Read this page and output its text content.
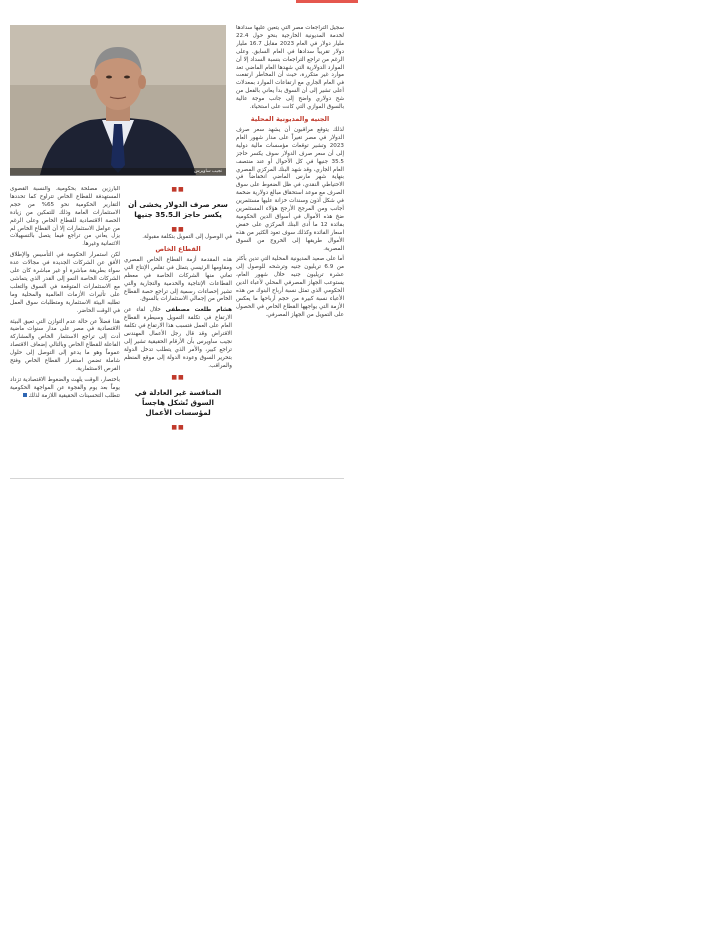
نجيب ساويرس

سجيل التراجعات مصر التي يتعين عليها سدادها لخدمة المديونية الخارجية بنحو حول 22.4 مليار دولار في العام 2023 مقابل 16.7 مليار دولار تقريباً سدادها في العام السابق. وعلى الرغم من تراجع التراجعات بنسبة السداد إلا أن الموارد الدولارية التي شهدها العام الماضي تعد موارد غير متكررة، حيث أن المخاطر ارتفعت في العام الجاري مع ارتفاعات الموارد بمعدلات أعلى تشير إلى أن السوق بدأ يعاني بالفعل من شح دولاري واضح إلى جانب موجة عالية بالسوق الموازي التي كانت على استحياء.

الجنيه والمديونية المحلية

لذلك يتوقع مراقبون أن يشهد سعر صرف الدولار في مصر تغيراً على مدار شهور العام 2023 وتشير توقعات مؤسسات مالية دولية إلى أن سعر صرف الدولار سوف يكسر حاجز 35.5 جنيها في كل الأحوال أو عند منتصف العام الجاري، وقد شهد البنك المركزي المصري بنهاية شهر مارس الماضي انخفاضاً في الاحتياطي النقدي، في ظل الضغوط على سوق الصرف مع موعد استحقاق مبالغ دولارية ضخمة في شكل أذون وسندات خزانة عليها مستثمرين أجانب ومن المرجح الأرجح هؤلاء المستثمرين ضخ هذه الأموال في أسواق الدين الحكومية بفائدة 12 ما أدى البنك المركزي على خفض اسعار الفائدة وكذلك سوف تعود الكثير من هذه الأموال طريقها إلى الخروج من السوق المصرية.

أما على صعيد المديونية المحلية التي تدين بأكثر من 6.9 تريليون جنيه وترشحه للوصول إلى عشرة تريليون جنيه خلال شهور العام، يستوعب الجهاز المصرفي المحلي لأعباء الدين الحكومي الذي تمثل نسبة أرباح البنوك من هذه الأعباء نسبة كبيرة من حجم أرباحها ما يعكس الأزمة التي يواجهها القطاع الخاص في الحصول على التمويل من الجهاز المصرفي.

■■
سعر صرف الدولار يخشى أن يكسر حاجز الـ35.5 جنيها
■■

في الوصول إلى التمويل بتكلفة مقبولة.

القطاع الخاص

هذه المقدمة أزمة القطاع الخاص المصري ومقاومها الرئيسي يتمثل في تقلص الإنتاج التي تعاني منها الشركات الخاصة في معظم القطاعات الإنتاجية والخدمية والتجارية والتي تشير إحصاءات رسمية إلى تراجع حصة القطاع الخاص من إجمالي الاستثمارات بالسوق.

هشام طلعت مصطفى خلال لقاء عن الارتفاع في تكلفة التمويل وسيطرة القطاع العام على العمل فتسبب هذا الارتفاع في تكلفة الاقتراض وقد قال رجل الأعمال المهندس نجيب ساويرس بأن الأرقام الحقيقية تشير إلى تراجع كبير، والأمر الذي يتطلب تدخل الدولة بتحرير السوق وعودة الدولة إلى موقع المنظم والمراقب.

■■
المنافسة غير العادلة في السوق تُشكل هاجساً لمؤسسات الأعمال
■■

البارزين مصلحة بحكومية. والنسبة القصوى المستهدفة للقطاع الخاص تتراوح كما تحددها التقارير الحكومية نحو 65% من حجم الاستثمارات العامة وذلك للتمكين من زيادة الحصة الاقتصادية للقطاع الخاص وعلى الرغم من عوامل الاستثمارات إلا أن القطاع الخاص لم يزل يعاني من تراجع فيما يتصل بالتسهيلات الائتمانية وغيرها.

لكن استمرار الحكومة في التأسيس والإطلاق الأفق عن الشركات الجديدة في مجالات عدة سواء بطريقة مباشرة أو غير مباشرة كان على الشركات الخاصة النمو إلى القدر الذي يتماشى مع الاستثمارات المتوقعة في السوق والتغلب على تأثيرات الأزمات العالمية والمحلية وما تطلبه البيئة الاستثمارية ومتطلبات سوق العمل في الوقت الحاضر.

هذا فضلاً عن حالة عدم التوازن التي تعيق البيئة الاقتصادية في مصر على مدار سنوات ماضية أدت إلى تراجع الاستثمار الخاص والمشاركة الفاعلة للقطاع الخاص وبالتالي إضعاف الاقتصاد عموماً وهو ما يدعو إلى التوصل إلى حلول شاملة تضمن استقرار القطاع الخاص وفتح الفرص الاستثمارية.

باختصار، الوقت يلهث والضغوط الاقتصادية تزداد يوماً بعد يوم والفجوة عن المواجهة الحكومية تتطلب التحسينات الحقيقية اللازمة لذلك
